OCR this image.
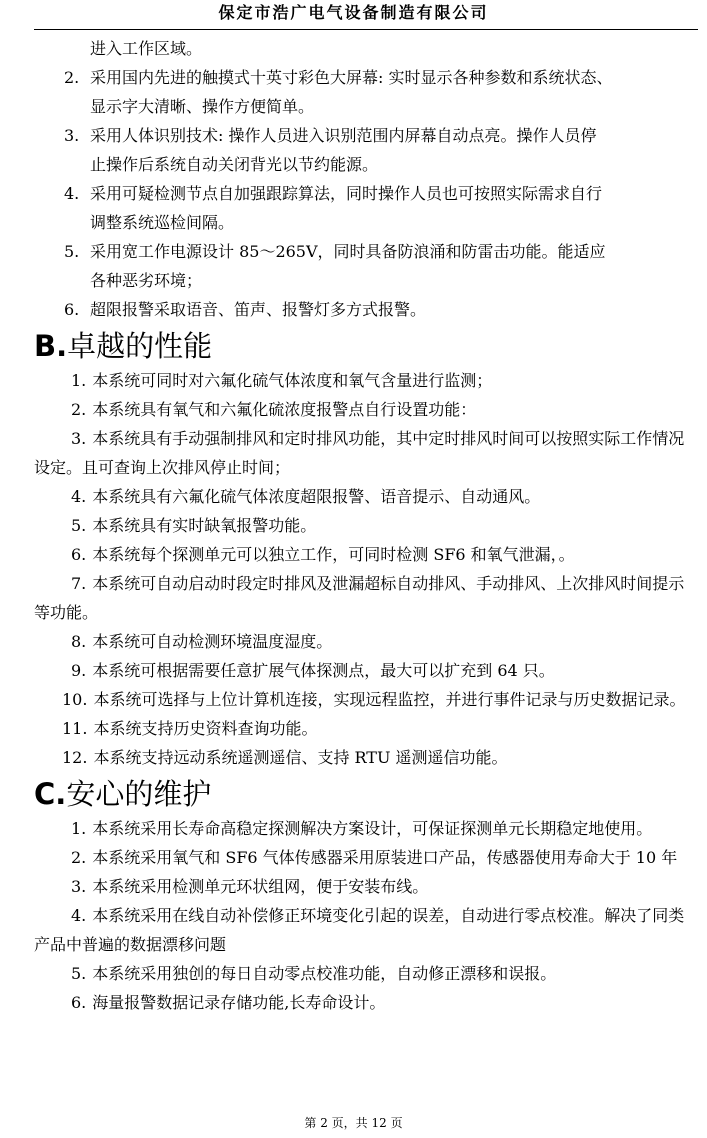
保定市浩广电气设备制造有限公司
进入工作区域。
2. 采用国内先进的触摸式十英寸彩色大屏幕: 实时显示各种参数和系统状态、
显示字大清晰、操作方便简单。
3. 采用人体识别技术: 操作人员进入识别范围内屏幕自动点亮。操作人员停
止操作后系统自动关闭背光以节约能源。
4. 采用可疑检测节点自加强跟踪算法，同时操作人员也可按照实际需求自行
调整系统巡检间隔。
5. 采用宽工作电源设计 85～265V，同时具备防浪涌和防雷击功能。能适应
各种恶劣环境；
6. 超限报警采取语音、笛声、报警灯多方式报警。
B.卓越的性能
1. 本系统可同时对六氟化硫气体浓度和氧气含量进行监测；
2. 本系统具有氧气和六氟化硫浓度报警点自行设置功能：
3. 本系统具有手动强制排风和定时排风功能，其中定时排风时间可以按照实际工作情况设定。且可查询上次排风停止时间；
4. 本系统具有六氟化硫气体浓度超限报警、语音提示、自动通风。
5. 本系统具有实时缺氧报警功能。
6. 本系统每个探测单元可以独立工作，可同时检测 SF6 和氧气泄漏，。
7. 本系统可自动启动时段定时排风及泄漏超标自动排风、手动排风、上次排风时间提示等功能。
8. 本系统可自动检测环境温度湿度。
9. 本系统可根据需要任意扩展气体探测点，最大可以扩充到 64 只。
10. 本系统可选择与上位计算机连接，实现远程监控，并进行事件记录与历史数据记录。
11. 本系统支持历史资料查询功能。
12. 本系统支持远动系统遥测遥信、支持 RTU 遥测遥信功能。
C.安心的维护
1. 本系统采用长寿命高稳定探测解决方案设计，可保证探测单元长期稳定地使用。
2. 本系统采用氧气和 SF6 气体传感器采用原装进口产品，传感器使用寿命大于 10 年
3. 本系统采用检测单元环状组网，便于安装布线。
4. 本系统采用在线自动补偿修正环境变化引起的误差，自动进行零点校准。解决了同类产品中普遍的数据漂移问题
5. 本系统采用独创的每日自动零点校准功能，自动修正漂移和误报。
6. 海量报警数据记录存储功能,长寿命设计。
第 2 页，共 12 页
